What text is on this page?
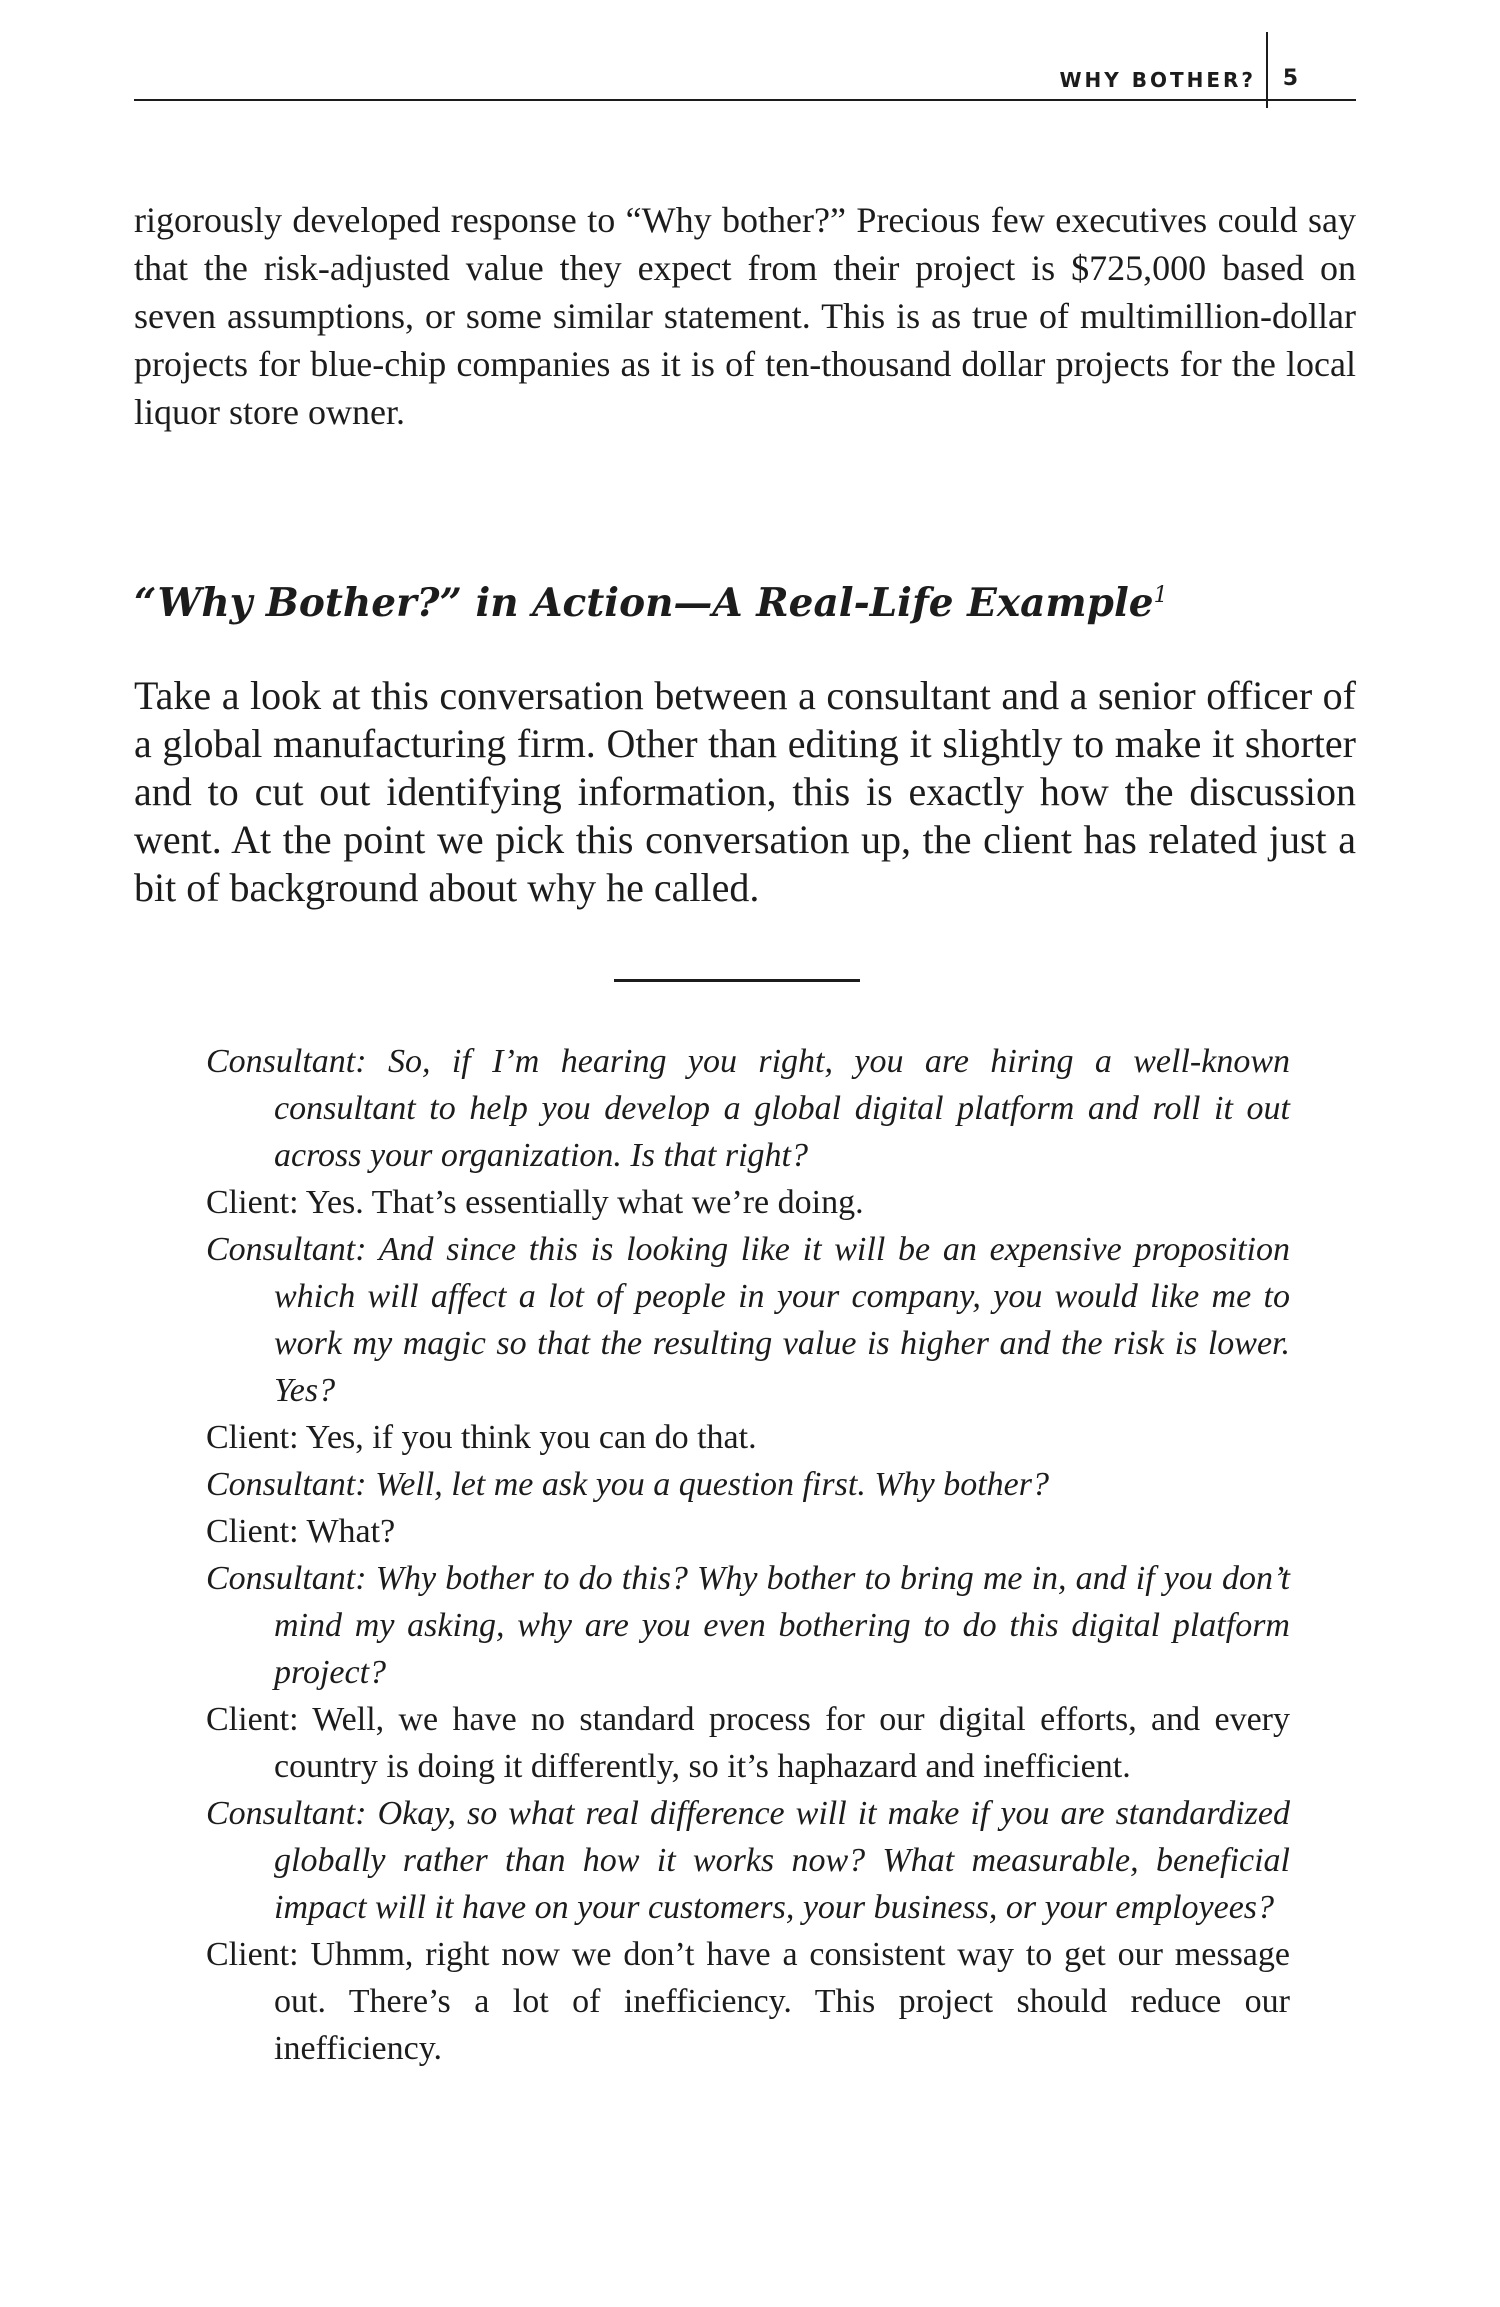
WHY BOTHER? 5

rigorously developed response to “Why bother?” Precious few executives could say that the risk-adjusted value they expect from their project is $725,000 based on seven assumptions, or some similar statement. This is as true of multimillion-dollar projects for blue-chip companies as it is of ten-thousand dollar projects for the local liquor store owner.

“Why Bother?” in Action—A Real-Life Example$^1$

Take a look at this conversation between a consultant and a senior officer of a global manufacturing firm. Other than editing it slightly to make it shorter and to cut out identifying information, this is exactly how the discussion went. At the point we pick this conversation up, the client has related just a bit of background about why he called.

Consultant: So, if I’m hearing you right, you are hiring a well-known consultant to help you develop a global digital platform and roll it out across your organization. Is that right?

Client: Yes. That’s essentially what we’re doing.

Consultant: And since this is looking like it will be an expensive proposition which will affect a lot of people in your company, you would like me to work my magic so that the resulting value is higher and the risk is lower. Yes?

Client: Yes, if you think you can do that.

Consultant: Well, let me ask you a question first. Why bother?

Client: What?

Consultant: Why bother to do this? Why bother to bring me in, and if you don’t mind my asking, why are you even bothering to do this digital platform project?

Client: Well, we have no standard process for our digital efforts, and every country is doing it differently, so it’s haphazard and inefficient.

Consultant: Okay, so what real difference will it make if you are standardized globally rather than how it works now? What measurable, beneficial impact will it have on your customers, your business, or your employees?

Client: Uhmm, right now we don’t have a consistent way to get our message out. There’s a lot of inefficiency. This project should reduce our inefficiency.
